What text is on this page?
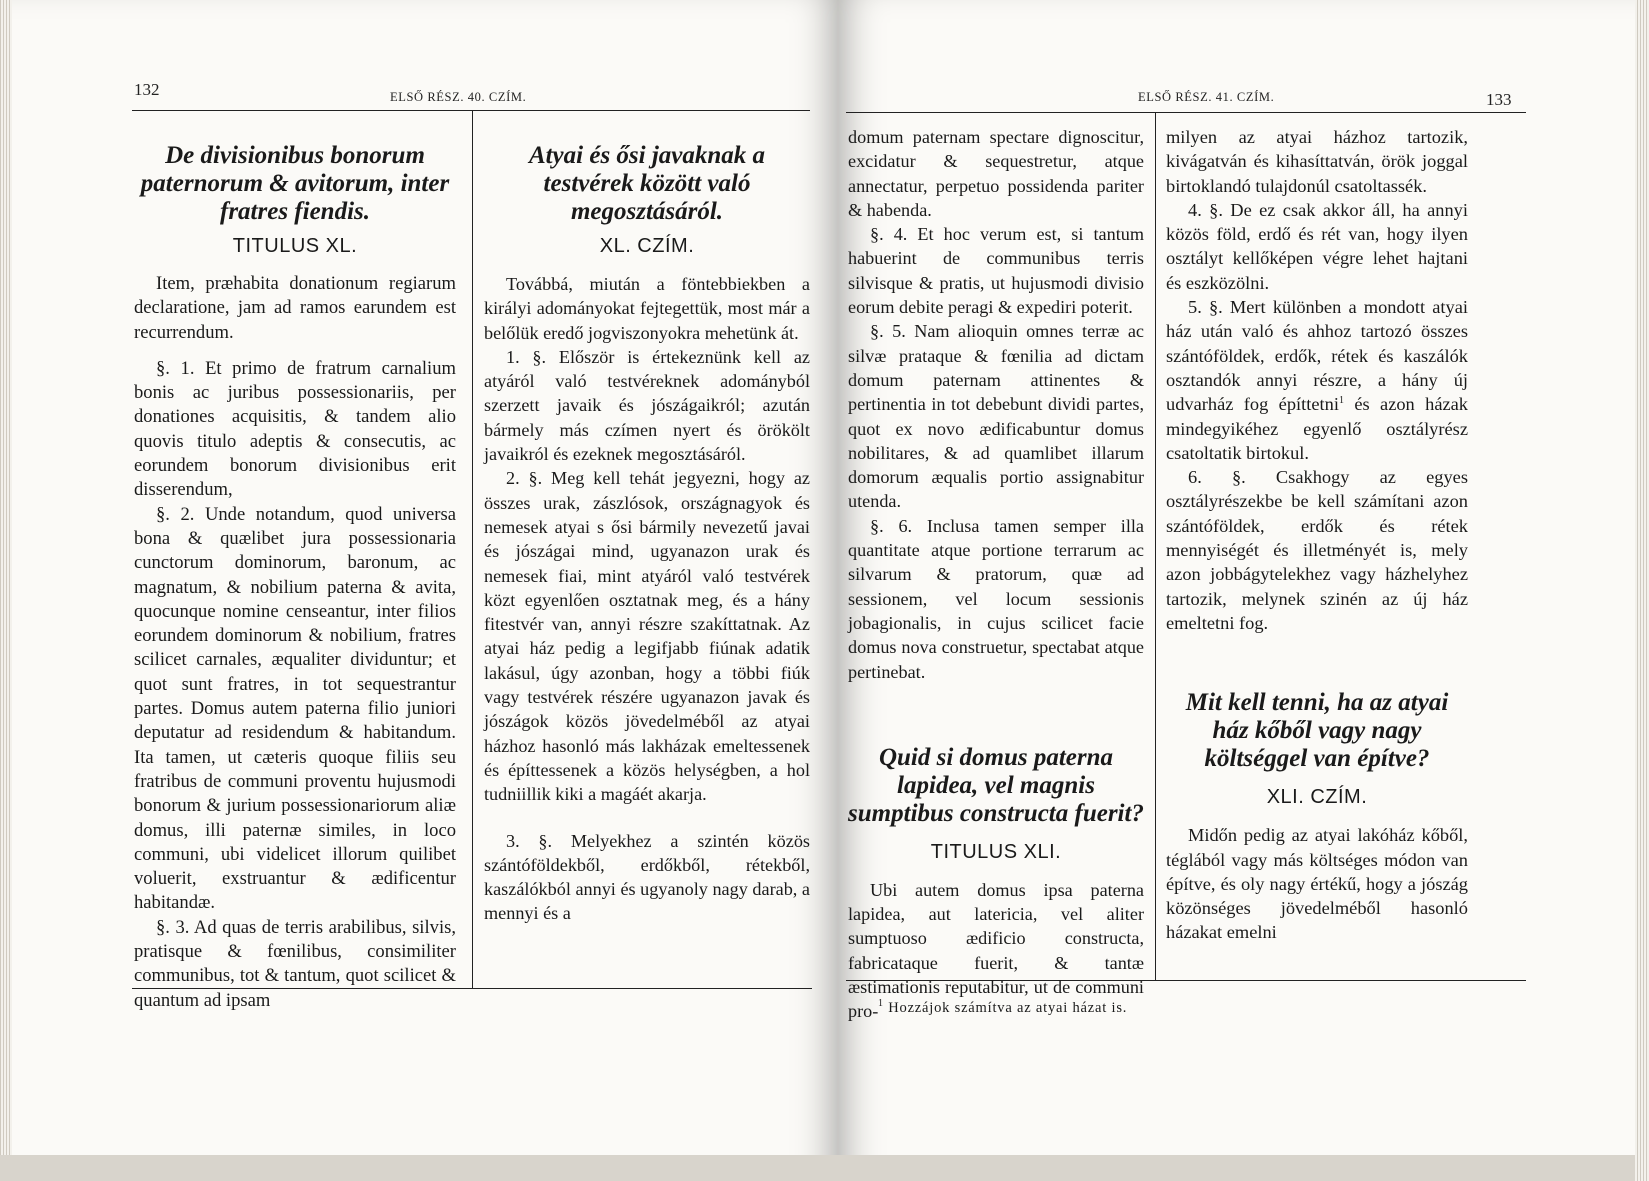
132	ELSŐ RÉSZ. 40. CZÍM.
De divisionibus bonorum paternorum & avitorum, inter fratres fiendis.
TITULUS XL.

Item, præhabita donationum regiarum declaratione, jam ad ramos earundem est recurrendum.

§. 1. Et primo de fratrum carnalium bonis ac juribus possessionariis, per donationes acquisitis, & tandem alio quovis titulo adeptis & consecutis, ac eorundem bonorum divisionibus erit disserendum,

§. 2. Unde notandum, quod universa bona & quælibet jura possessionaria cunctorum dominorum, baronum, ac magnatum, & nobilium paterna & avita, quocunque nomine censeantur, inter filios eorundem dominorum & nobilium, fratres scilicet carnales, æqualiter dividuntur; et quot sunt fratres, in tot sequestrantur partes. Domus autem paterna filio juniori deputatur ad residendum & habitandum. Ita tamen, ut cæteris quoque filiis seu fratribus de communi proventu hujusmodi bonorum & jurium possessionariorum aliæ domus, illi paternæ similes, in loco communi, ubi videlicet illorum quilibet voluerit, exstruantur & ædificentur habitandæ.

§. 3. Ad quas de terris arabilibus, silvis, pratisque & fœnilibus, consimiliter communibus, tot & tantum, quot scilicet & quantum ad ipsam

Atyai és ősi javaknak a testvérek között való megosztásáról.
XL. CZÍM.

Továbbá, miután a föntebbiekben a királyi adományokat fejtegettük, most már a belőlük eredő jogviszonyokra mehetünk át.

1. §. Először is értekeznünk kell az atyáról való testvéreknek adományból szerzett javaik és jószágaikról; azután bármely más czímen nyert és örökölt javaikról és ezeknek megosztásáról.

2. §. Meg kell tehát jegyezni, hogy az összes urak, zászlósok, országnagyok és nemesek atyai s ősi bármily nevezetű javai és jószágai mind, ugyanazon urak és nemesek fiai, mint atyáról való testvérek közt egyenlően osztatnak meg, és a hány fitestvér van, annyi részre szakíttatnak. Az atyai ház pedig a legifjabb fiúnak adatik lakásul, úgy azonban, hogy a többi fiúk vagy testvérek részére ugyanazon javak és jószágok közös jövedelméből az atyai házhoz hasonló más lakházak emeltessenek és építtessenek a közös helységben, a hol tudniillik kiki a magáét akarja.

3. §. Melyekhez a szintén közös szántóföldekből, erdőkből, rétekből, kaszálókból annyi és ugyanoly nagy darab, a mennyi és a

ELSŐ RÉSZ. 41. CZÍM.	133

domum paternam spectare dignoscitur, excidatur & sequestretur, atque annectatur, perpetuo possidenda pariter & habenda.

§. 4. Et hoc verum est, si tantum habuerint de communibus terris silvisque & pratis, ut hujusmodi divisio eorum debite peragi & expediri poterit.

§. 5. Nam alioquin omnes terræ ac silvæ prataque & fœnilia ad dictam domum paternam attinentes & pertinentia in tot debebunt dividi partes, quot ex novo ædificabuntur domus nobilitares, & ad quamlibet illarum domorum æqualis portio assignabitur utenda.

§. 6. Inclusa tamen semper illa quantitate atque portione terrarum ac silvarum & pratorum, quæ ad sessionem, vel locum sessionis jobagionalis, in cujus scilicet facie domus nova construetur, spectabat atque pertinebat.

Quid si domus paterna lapidea, vel magnis sumptibus constructa fuerit?
TITULUS XLI.

Ubi autem domus ipsa paterna lapidea, aut latericia, vel aliter sumptuoso ædificio constructa, fabricataque fuerit, & tantæ æstimationis reputabitur, ut de communi pro-

milyen az atyai házhoz tartozik, kivágatván és kihasíttatván, örök joggal birtoklandó tulajdonúl csatoltassék.

4. §. De ez csak akkor áll, ha annyi közös föld, erdő és rét van, hogy ilyen osztályt kellőképen végre lehet hajtani és eszközölni.

5. §. Mert különben a mondott atyai ház után való és ahhoz tartozó összes szántóföldek, erdők, rétek és kaszálók osztandók annyi részre, a hány új udvarház fog építtetni$^1$ és azon házak mindegyikéhez egyenlő osztályrész csatoltatik birtokul.

6. §. Csakhogy az egyes osztályrészekbe be kell számítani azon szántóföldek, erdők és rétek mennyiségét és illetményét is, mely azon jobbágytelekhez vagy házhelyhez tartozik, melynek szinén az új ház emeltetni fog.

Mit kell tenni, ha az atyai ház kőből vagy nagy költséggel van építve?
XLI. CZÍM.

Midőn pedig az atyai lakóház kőből, téglából vagy más költséges módon van építve, és oly nagy értékű, hogy a jószág közönséges jövedelméből hasonló házakat emelni

$^1$ Hozzájok számítva az atyai házat is.
